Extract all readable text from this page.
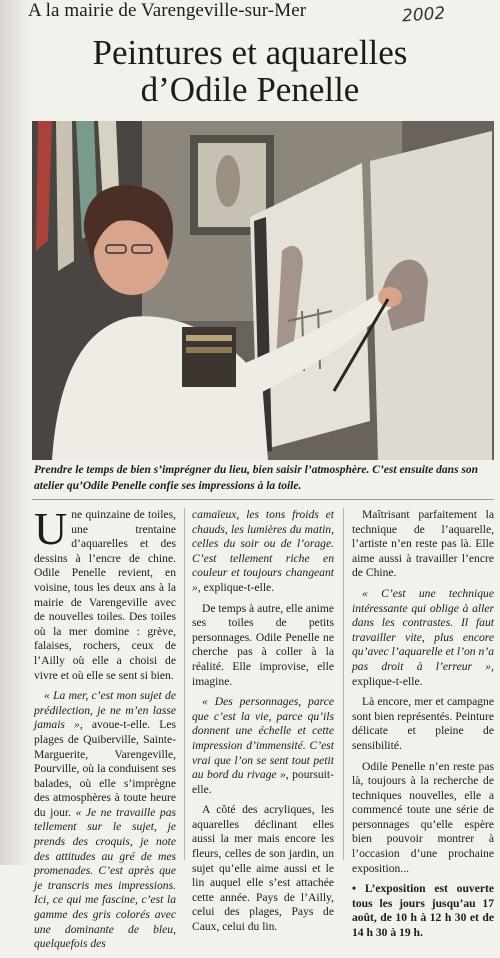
A la mairie de Varengeville-sur-Mer	2002
Peintures et aquarelles
d’Odile Penelle

Prendre le temps de bien s’imprégner du lieu, bien saisir l’atmosphère. C’est ensuite dans son atelier qu’Odile Penelle confie ses impressions à la toile.

Une quinzaine de toiles, une trentaine d’aquarelles et des dessins à l’encre de chine. Odile Penelle revient, en voisine, tous les deux ans à la mairie de Varengeville avec de nouvelles toiles. Des toiles où la mer domine : grève, falaises, rochers, ceux de l’Ailly où elle a choisi de vivre et où elle se sent si bien.

« La mer, c’est mon sujet de prédilection, je ne m’en lasse jamais », avoue-t-elle. Les plages de Quiberville, Sainte-Marguerite, Varengeville, Pourville, où la conduisent ses balades, où elle s’imprègne des atmosphères à toute heure du jour. « Je ne travaille pas tellement sur le sujet, je prends des croquis, je note des attitudes au gré de mes promenades. C’est après que je transcris mes impressions. Ici, ce qui me fascine, c’est la gamme des gris colorés avec une dominante de bleu, quelquefois des

camaïeux, les tons froids et chauds, les lumières du matin, celles du soir ou de l’orage. C’est tellement riche en couleur et toujours changeant », explique-t-elle.

De temps à autre, elle anime ses toiles de petits personnages. Odile Penelle ne cherche pas à coller à la réalité. Elle improvise, elle imagine.

« Des personnages, parce que c’est la vie, parce qu’ils donnent une échelle et cette impression d’immensité. C’est vrai que l’on se sent tout petit au bord du rivage », poursuit-elle.

A côté des acryliques, les aquarelles déclinant elles aussi la mer mais encore les fleurs, celles de son jardin, un sujet qu’elle aime aussi et le lin auquel elle s’est attachée cette année. Pays de l’Ailly, celui des plages, Pays de Caux, celui du lin.

Maîtrisant parfaitement la technique de l’aquarelle, l’artiste n’en reste pas là. Elle aime aussi à travailler l’encre de Chine.

« C’est une technique intéressante qui oblige à aller dans les contrastes. Il faut travailler vite, plus encore qu’avec l’aquarelle et l’on n’a pas droit à l’erreur », explique-t-elle.

Là encore, mer et campagne sont bien représentés. Peinture délicate et pleine de sensibilité.

Odile Penelle n’en reste pas là, toujours à la recherche de techniques nouvelles, elle a commencé toute une série de personnages qu’elle espère bien pouvoir montrer à l’occasion d’une prochaine exposition...

• L’exposition est ouverte tous les jours jusqu’au 17 août, de 10 h à 12 h 30 et de 14 h 30 à 19 h.
